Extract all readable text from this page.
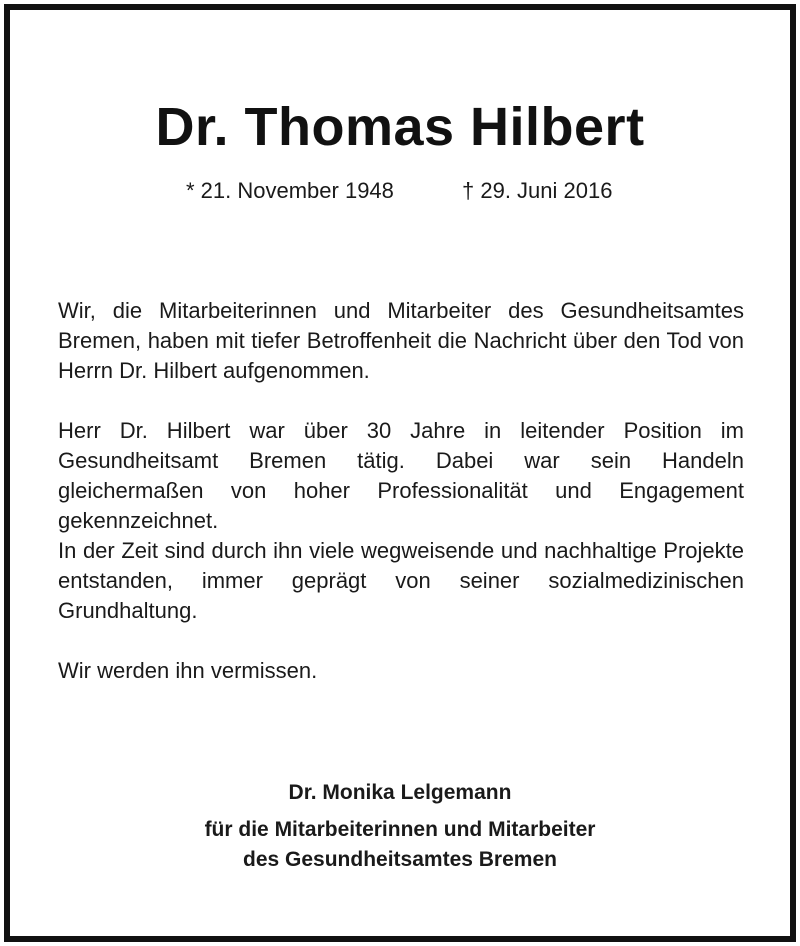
Dr. Thomas Hilbert
* 21. November 1948	† 29. Juni 2016

Wir, die Mitarbeiterinnen und Mitarbeiter des Gesundheitsamtes Bremen, haben mit tiefer Betroffenheit die Nachricht über den Tod von Herrn Dr. Hilbert aufgenommen.

Herr Dr. Hilbert war über 30 Jahre in leitender Position im Gesundheitsamt Bremen tätig. Dabei war sein Handeln gleichermaßen von hoher Professionalität und Engagement gekennzeichnet.

In der Zeit sind durch ihn viele wegweisende und nachhaltige Projekte entstanden, immer geprägt von seiner sozialmedizinischen Grundhaltung.

Wir werden ihn vermissen.

Dr. Monika Lelgemann
für die Mitarbeiterinnen und Mitarbeiter
des Gesundheitsamtes Bremen
